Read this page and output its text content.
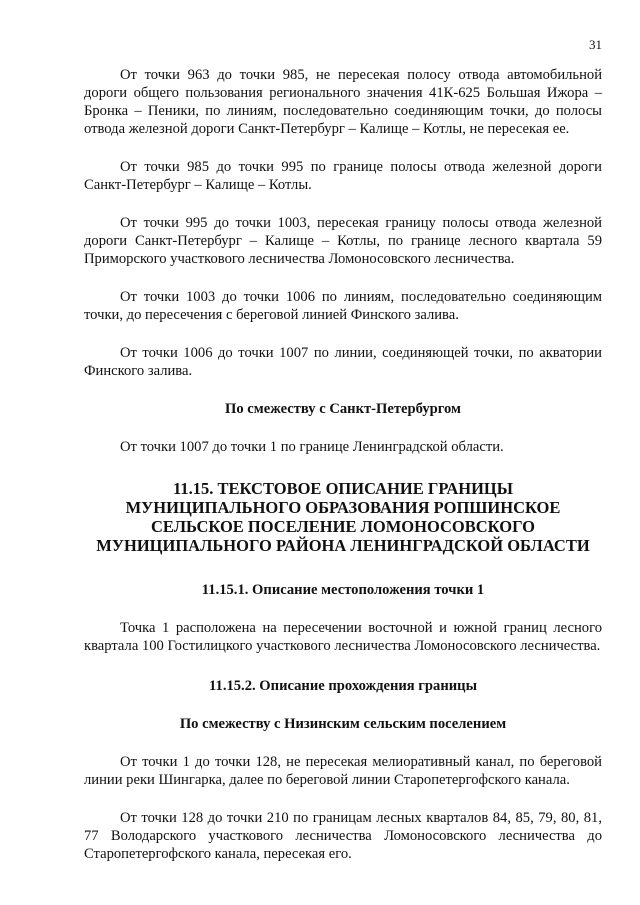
31

От точки 963 до точки 985, не пересекая полосу отвода автомобильной дороги общего пользования регионального значения 41К-625 Большая Ижора – Бронка – Пеники, по линиям, последовательно соединяющим точки, до полосы отвода железной дороги Санкт-Петербург – Калище – Котлы, не пересекая ее.

От точки 985 до точки 995 по границе полосы отвода железной дороги Санкт-Петербург – Калище – Котлы.

От точки 995 до точки 1003, пересекая границу полосы отвода железной дороги Санкт-Петербург – Калище – Котлы, по границе лесного квартала 59 Приморского участкового лесничества Ломоносовского лесничества.

От точки 1003 до точки 1006 по линиям, последовательно соединяющим точки, до пересечения с береговой линией Финского залива.

От точки 1006 до точки 1007 по линии, соединяющей точки, по акватории Финского залива.

По смежеству с Санкт-Петербургом

От точки 1007 до точки 1 по границе Ленинградской области.

11.15. ТЕКСТОВОЕ ОПИСАНИЕ ГРАНИЦЫ МУНИЦИПАЛЬНОГО ОБРАЗОВАНИЯ РОПШИНСКОЕ СЕЛЬСКОЕ ПОСЕЛЕНИЕ ЛОМОНОСОВСКОГО МУНИЦИПАЛЬНОГО РАЙОНА ЛЕНИНГРАДСКОЙ ОБЛАСТИ
11.15.1. Описание местоположения точки 1

Точка 1 расположена на пересечении восточной и южной границ лесного квартала 100 Гостилицкого участкового лесничества Ломоносовского лесничества.

11.15.2. Описание прохождения границы
По смежеству с Низинским сельским поселением

От точки 1 до точки 128, не пересекая мелиоративный канал, по береговой линии реки Шингарка, далее по береговой линии Старопетергофского канала.

От точки 128 до точки 210 по границам лесных кварталов 84, 85, 79, 80, 81, 77 Володарского участкового лесничества Ломоносовского лесничества до Старопетергофского канала, пересекая его.
